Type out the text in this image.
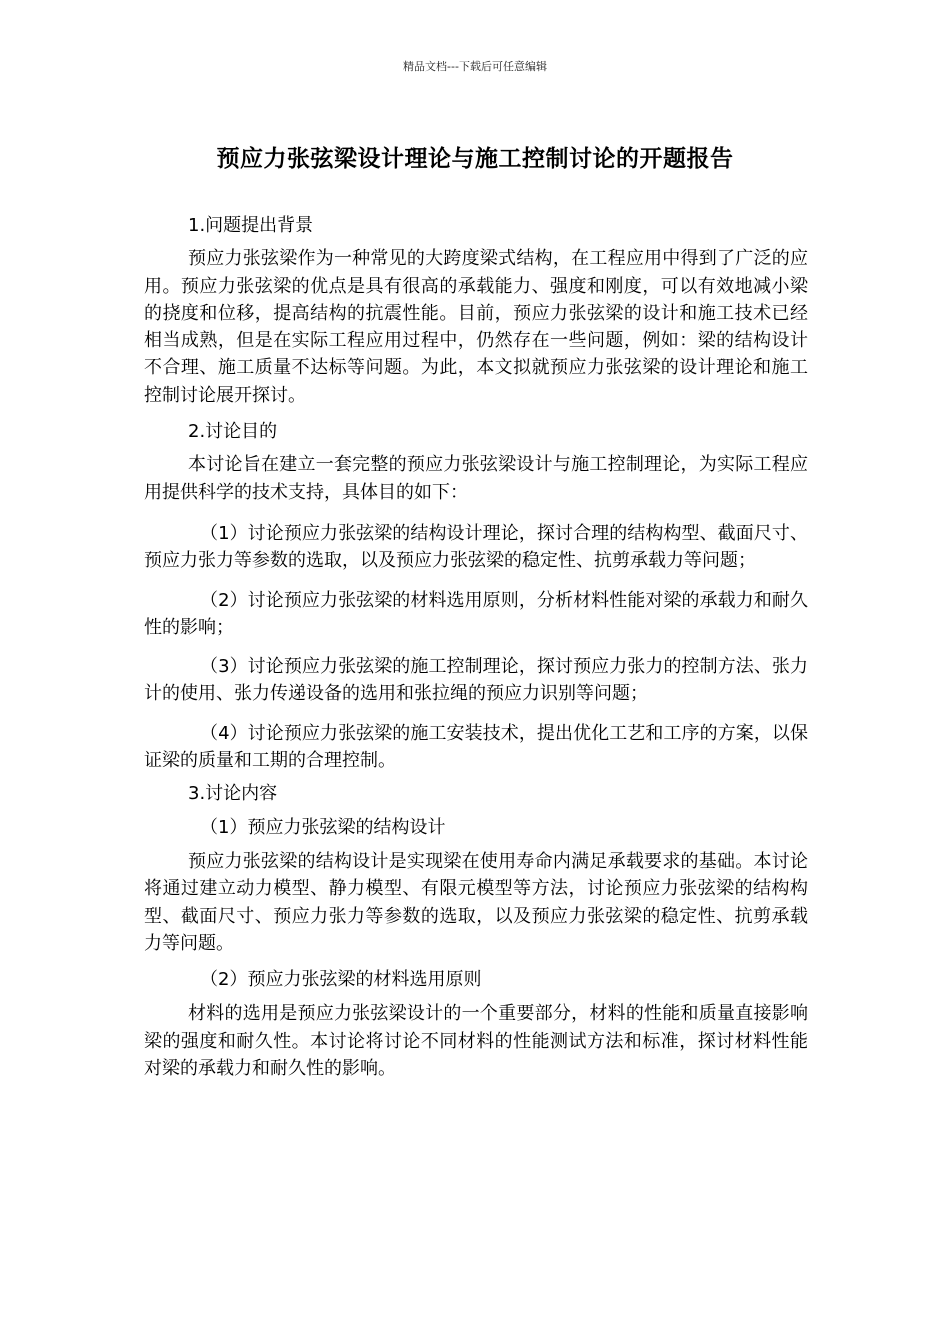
精品文档---下载后可任意编辑
预应力张弦梁设计理论与施工控制讨论的开题报告

1.问题提出背景

预应力张弦梁作为一种常见的大跨度梁式结构，在工程应用中得到了广泛的应用。预应力张弦梁的优点是具有很高的承载能力、强度和刚度，可以有效地减小梁的挠度和位移，提高结构的抗震性能。目前，预应力张弦梁的设计和施工技术已经相当成熟，但是在实际工程应用过程中，仍然存在一些问题，例如：梁的结构设计不合理、施工质量不达标等问题。为此，本文拟就预应力张弦梁的设计理论和施工控制讨论展开探讨。

2.讨论目的

本讨论旨在建立一套完整的预应力张弦梁设计与施工控制理论，为实际工程应用提供科学的技术支持，具体目的如下：

（1）讨论预应力张弦梁的结构设计理论，探讨合理的结构构型、截面尺寸、预应力张力等参数的选取，以及预应力张弦梁的稳定性、抗剪承载力等问题；

（2）讨论预应力张弦梁的材料选用原则，分析材料性能对梁的承载力和耐久性的影响；

（3）讨论预应力张弦梁的施工控制理论，探讨预应力张力的控制方法、张力计的使用、张力传递设备的选用和张拉绳的预应力识别等问题；

（4）讨论预应力张弦梁的施工安装技术，提出优化工艺和工序的方案，以保证梁的质量和工期的合理控制。

3.讨论内容

（1）预应力张弦梁的结构设计

预应力张弦梁的结构设计是实现梁在使用寿命内满足承载要求的基础。本讨论将通过建立动力模型、静力模型、有限元模型等方法，讨论预应力张弦梁的结构构型、截面尺寸、预应力张力等参数的选取，以及预应力张弦梁的稳定性、抗剪承载力等问题。

（2）预应力张弦梁的材料选用原则

材料的选用是预应力张弦梁设计的一个重要部分，材料的性能和质量直接影响梁的强度和耐久性。本讨论将讨论不同材料的性能测试方法和标准，探讨材料性能对梁的承载力和耐久性的影响。
